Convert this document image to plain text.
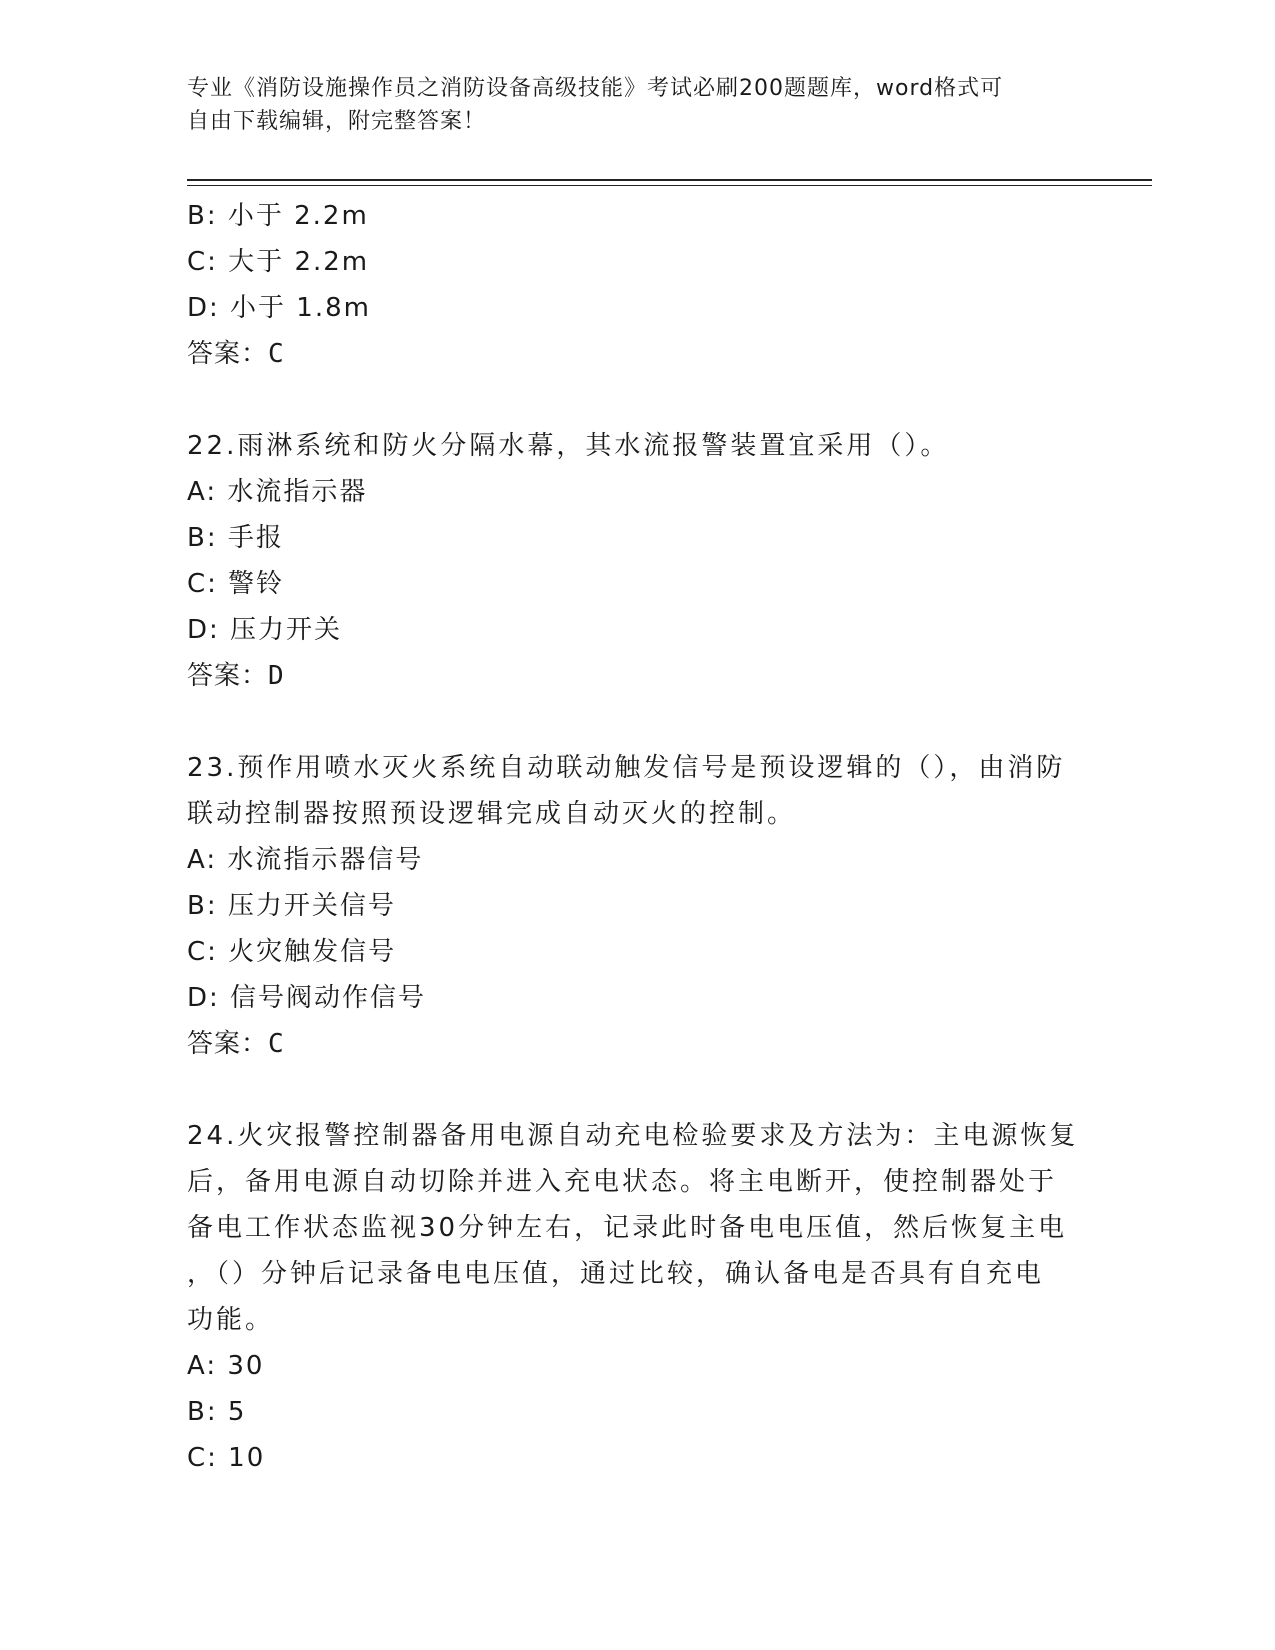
专业《消防设施操作员之消防设备高级技能》考试必刷200题题库，word格式可
自由下载编辑，附完整答案！
B: 小于 2.2m
C: 大于 2.2m
D: 小于 1.8m
答案：C
22.雨淋系统和防火分隔水幕，其水流报警装置宜采用（）。
A: 水流指示器
B: 手报
C: 警铃
D: 压力开关
答案：D
23.预作用喷水灭火系统自动联动触发信号是预设逻辑的（），由消防
联动控制器按照预设逻辑完成自动灭火的控制。
A: 水流指示器信号
B: 压力开关信号
C: 火灾触发信号
D: 信号阀动作信号
答案：C
24.火灾报警控制器备用电源自动充电检验要求及方法为：主电源恢复
后，备用电源自动切除并进入充电状态。将主电断开，使控制器处于
备电工作状态监视30分钟左右，记录此时备电电压值，然后恢复主电
，（）分钟后记录备电电压值，通过比较，确认备电是否具有自充电
功能。
A: 30
B: 5
C: 10
